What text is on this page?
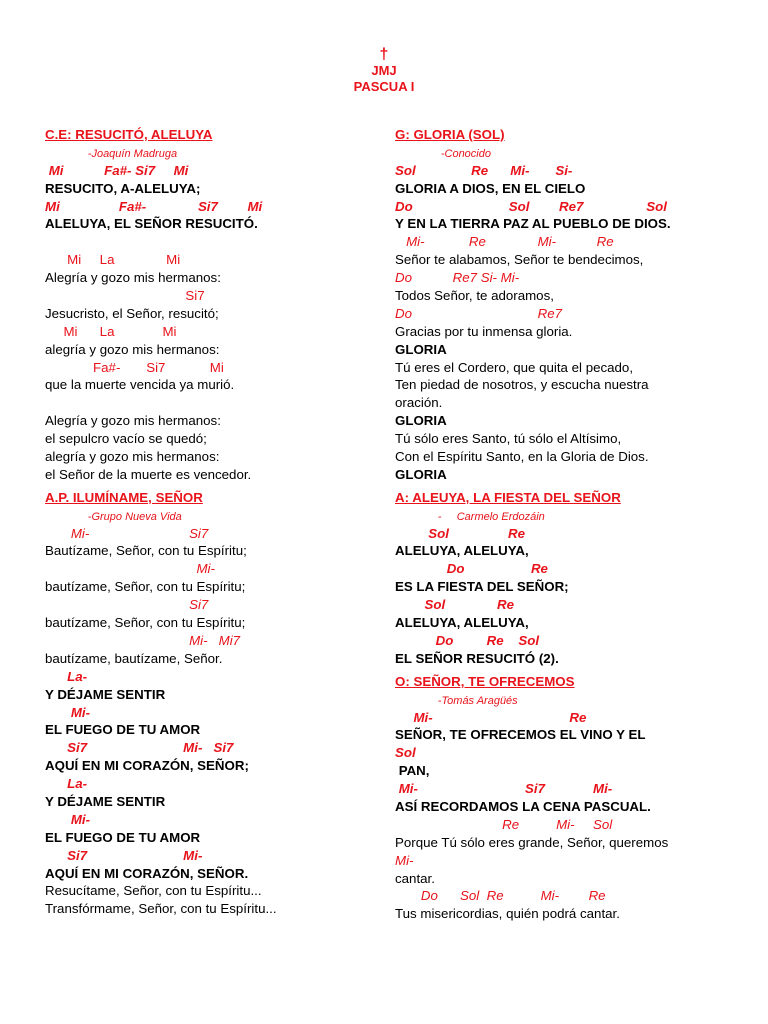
†
JMJ
PASCUA I
C.E: RESUCITÓ, ALELUYA
-Joaquín Madruga
Mi           Fa#- Si7     Mi
RESUCITO, A-ALELUYA;
Mi                Fa#-              Si7        Mi
ALELUYA, EL SEÑOR RESUCITÓ.
Mi     La              Mi
Alegría y gozo mis hermanos:
Si7
Jesucristo, el Señor, resucitó;
Mi      La             Mi
alegría y gozo mis hermanos:
Fa#-       Si7            Mi
que la muerte vencida ya murió.
Alegría y gozo mis hermanos:
el sepulcro vacío se quedó;
alegría y gozo mis hermanos:
el Señor de la muerte es vencedor.
A.P. ILUMÍNAME, SEÑOR
-Grupo Nueva Vida
Mi-                           Si7
Bautízame, Señor, con tu Espíritu;
Mi-
bautízame, Señor, con tu Espíritu;
Si7
bautízame, Señor, con tu Espíritu;
Mi-   Mi7
bautízame, bautízame, Señor.
La-
Y DÉJAME SENTIR
Mi-
EL FUEGO DE TU AMOR
Si7                          Mi-   Si7
AQUÍ EN MI CORAZÓN, SEÑOR;
La-
Y DÉJAME SENTIR
Mi-
EL FUEGO DE TU AMOR
Si7                          Mi-
AQUÍ EN MI CORAZÓN, SEÑOR.
Resucítame, Señor, con tu Espíritu...
Transfórmame, Señor, con tu Espíritu...
G: GLORIA (SOL)
-Conocido
Sol               Re      Mi-       Si-
GLORIA A DIOS, EN EL CIELO
Do                          Sol        Re7                 Sol
Y EN LA TIERRA PAZ AL PUEBLO DE DIOS.
Mi-            Re              Mi-           Re
Señor te alabamos, Señor te bendecimos,
Do           Re7 Si- Mi-
Todos Señor, te adoramos,
Do                                  Re7
Gracias por tu inmensa gloria.
GLORIA
Tú eres el Cordero, que quita el pecado,
Ten piedad de nosotros, y escucha nuestra
oración.
GLORIA
Tú sólo eres Santo, tú sólo el Altísimo,
Con el Espíritu Santo, en la Gloria de Dios.
GLORIA
A: ALEUYA, LA FIESTA DEL SEÑOR
-     Carmelo Erdozáin
Sol                Re
ALELUYA, ALELUYA,
Do                  Re
ES LA FIESTA DEL SEÑOR;
Sol              Re
ALELUYA, ALELUYA,
Do         Re    Sol
EL SEÑOR RESUCITÓ (2).
O: SEÑOR, TE OFRECEMOS
-Tomás Aragüés
Mi-                                     Re
SEÑOR, TE OFRECEMOS EL VINO Y EL
Sol
PAN,
Mi-                             Si7             Mi-
ASÍ RECORDAMOS LA CENA PASCUAL.
Re          Mi-     Sol
Porque Tú sólo eres grande, Señor, queremos
Mi-
cantar.
Do      Sol  Re          Mi-        Re
Tus misericordias, quién podrá cantar.
